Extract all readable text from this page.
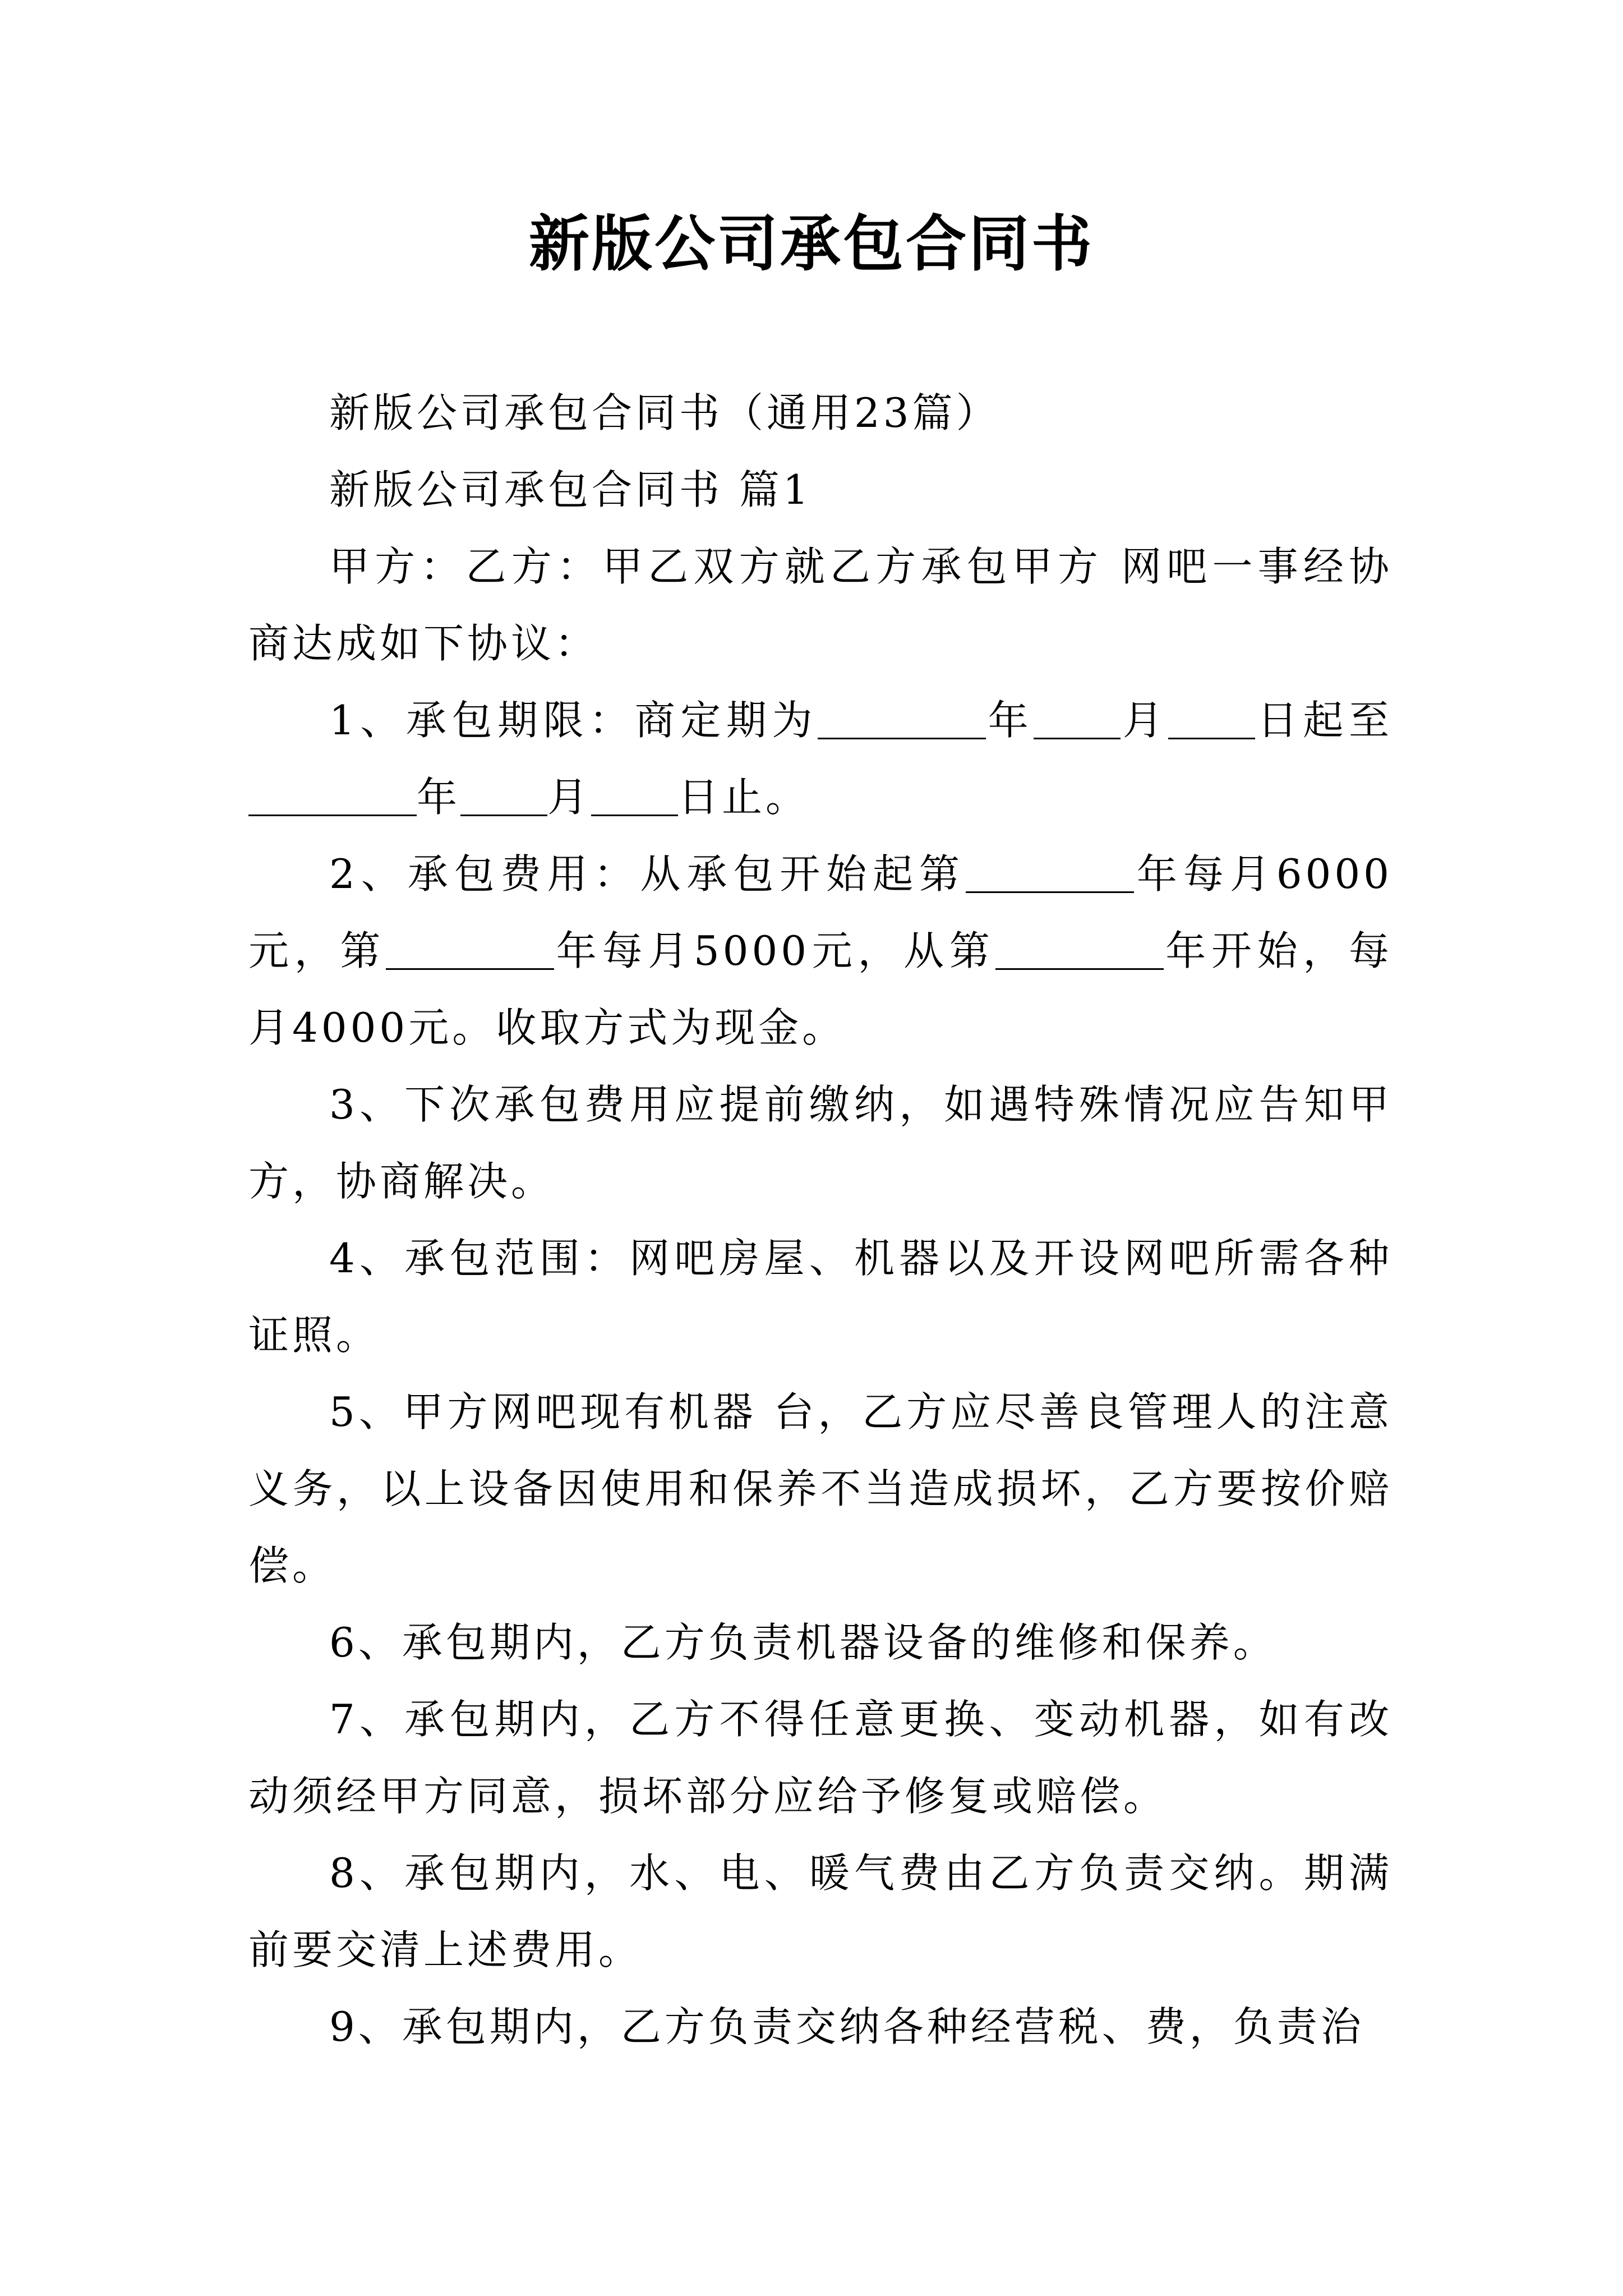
新版公司承包合同书

新版公司承包合同书（通用23篇）

新版公司承包合同书 篇1

甲方：乙方：甲乙双方就乙方承包甲方 网吧一事经协商达成如下协议：

1、承包期限：商定期为	年 月 日起至年 月 日止。

2、承包费用：从承包开始起第	年每月6000元，第	年每月5000元，从第	年开始，每月4000元。收取方式为现金。

3、下次承包费用应提前缴纳，如遇特殊情况应告知甲方，协商解决。

4、承包范围：网吧房屋、机器以及开设网吧所需各种证照。

5、甲方网吧现有机器 台，乙方应尽善良管理人的注意义务，以上设备因使用和保养不当造成损坏，乙方要按价赔偿。

6、承包期内，乙方负责机器设备的维修和保养。

7、承包期内，乙方不得任意更换、变动机器，如有改动须经甲方同意，损坏部分应给予修复或赔偿。

8、承包期内，水、电、暖气费由乙方负责交纳。期满前要交清上述费用。

9、承包期内，乙方负责交纳各种经营税、费，负责治
